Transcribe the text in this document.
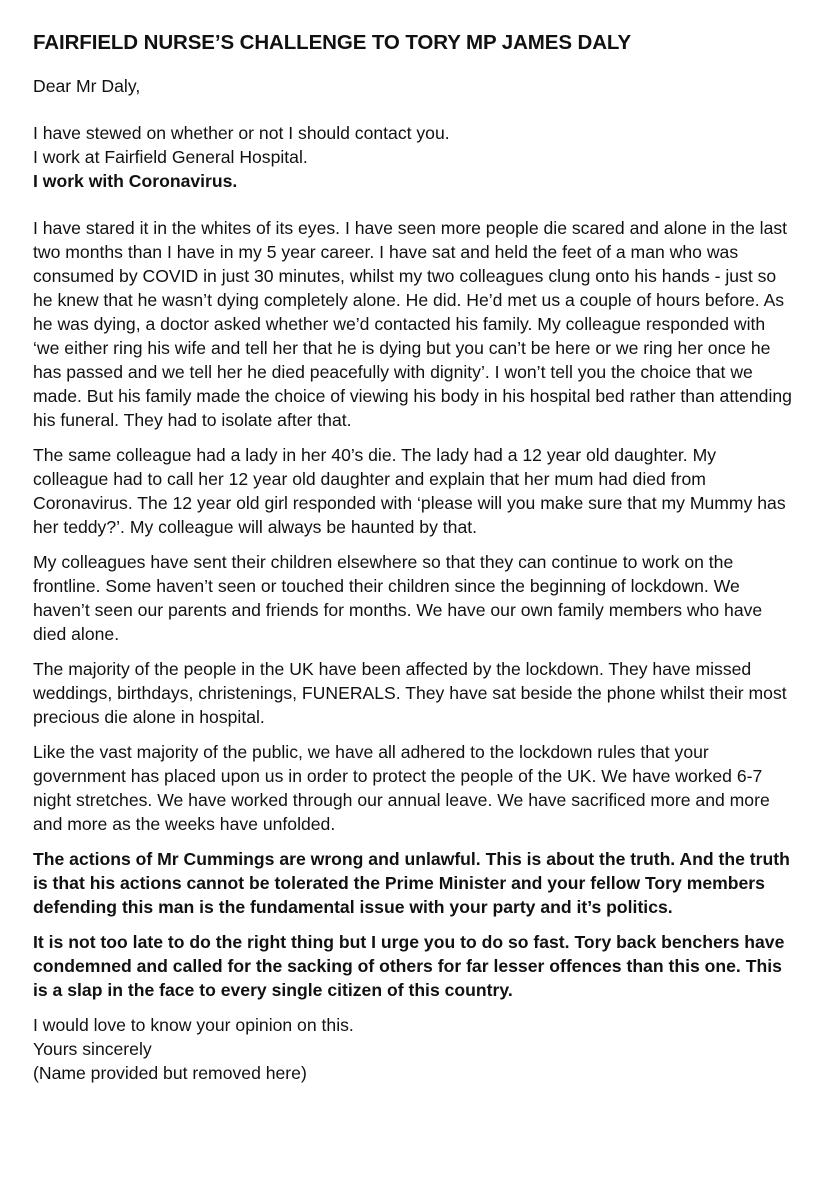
FAIRFIELD NURSE’S CHALLENGE TO TORY MP JAMES DALY
Dear Mr Daly,
I have stewed on whether or not I should contact you.
I work at Fairfield General Hospital.
I work with Coronavirus.
I have stared it in the whites of its eyes. I have seen more people die scared and alone in the last two months than I have in my 5 year career. I have sat and held the feet of a man who was consumed by COVID in just 30 minutes, whilst my two colleagues clung onto his hands - just so he knew that he wasn’t dying completely alone. He did. He’d met us a couple of hours before. As he was dying, a doctor asked whether we’d contacted his family. My colleague responded with ‘we either ring his wife and tell her that he is dying but you can’t be here or we ring her once he has passed and we tell her he died peacefully with dignity’. I won’t tell you the choice that we made. But his family made the choice of viewing his body in his hospital bed rather than attending his funeral. They had to isolate after that.
The same colleague had a lady in her 40’s die. The lady had a 12 year old daughter. My colleague had to call her 12 year old daughter and explain that her mum had died from Coronavirus. The 12 year old girl responded with ‘please will you make sure that my Mummy has her teddy?’. My colleague will always be haunted by that.
My colleagues have sent their children elsewhere so that they can continue to work on the frontline. Some haven’t seen or touched their children since the beginning of lockdown. We haven’t seen our parents and friends for months. We have our own family members who have died alone.
The majority of the people in the UK have been affected by the lockdown. They have missed weddings, birthdays, christenings, FUNERALS. They have sat beside the phone whilst their most precious die alone in hospital.
Like the vast majority of the public, we have all adhered to the lockdown rules that your government has placed upon us in order to protect the people of the UK. We have worked 6-7 night stretches. We have worked through our annual leave. We have sacrificed more and more and more as the weeks have unfolded.
The actions of Mr Cummings are wrong and unlawful. This is about the truth. And the truth is that his actions cannot be tolerated the Prime Minister and your fellow Tory members defending this man is the fundamental issue with your party and it’s politics.
It is not too late to do the right thing but I urge you to do so fast. Tory back benchers have condemned and called for the sacking of others for far lesser offences than this one. This is a slap in the face to every single citizen of this country.
I would love to know your opinion on this.
Yours sincerely
(Name provided but removed here)
